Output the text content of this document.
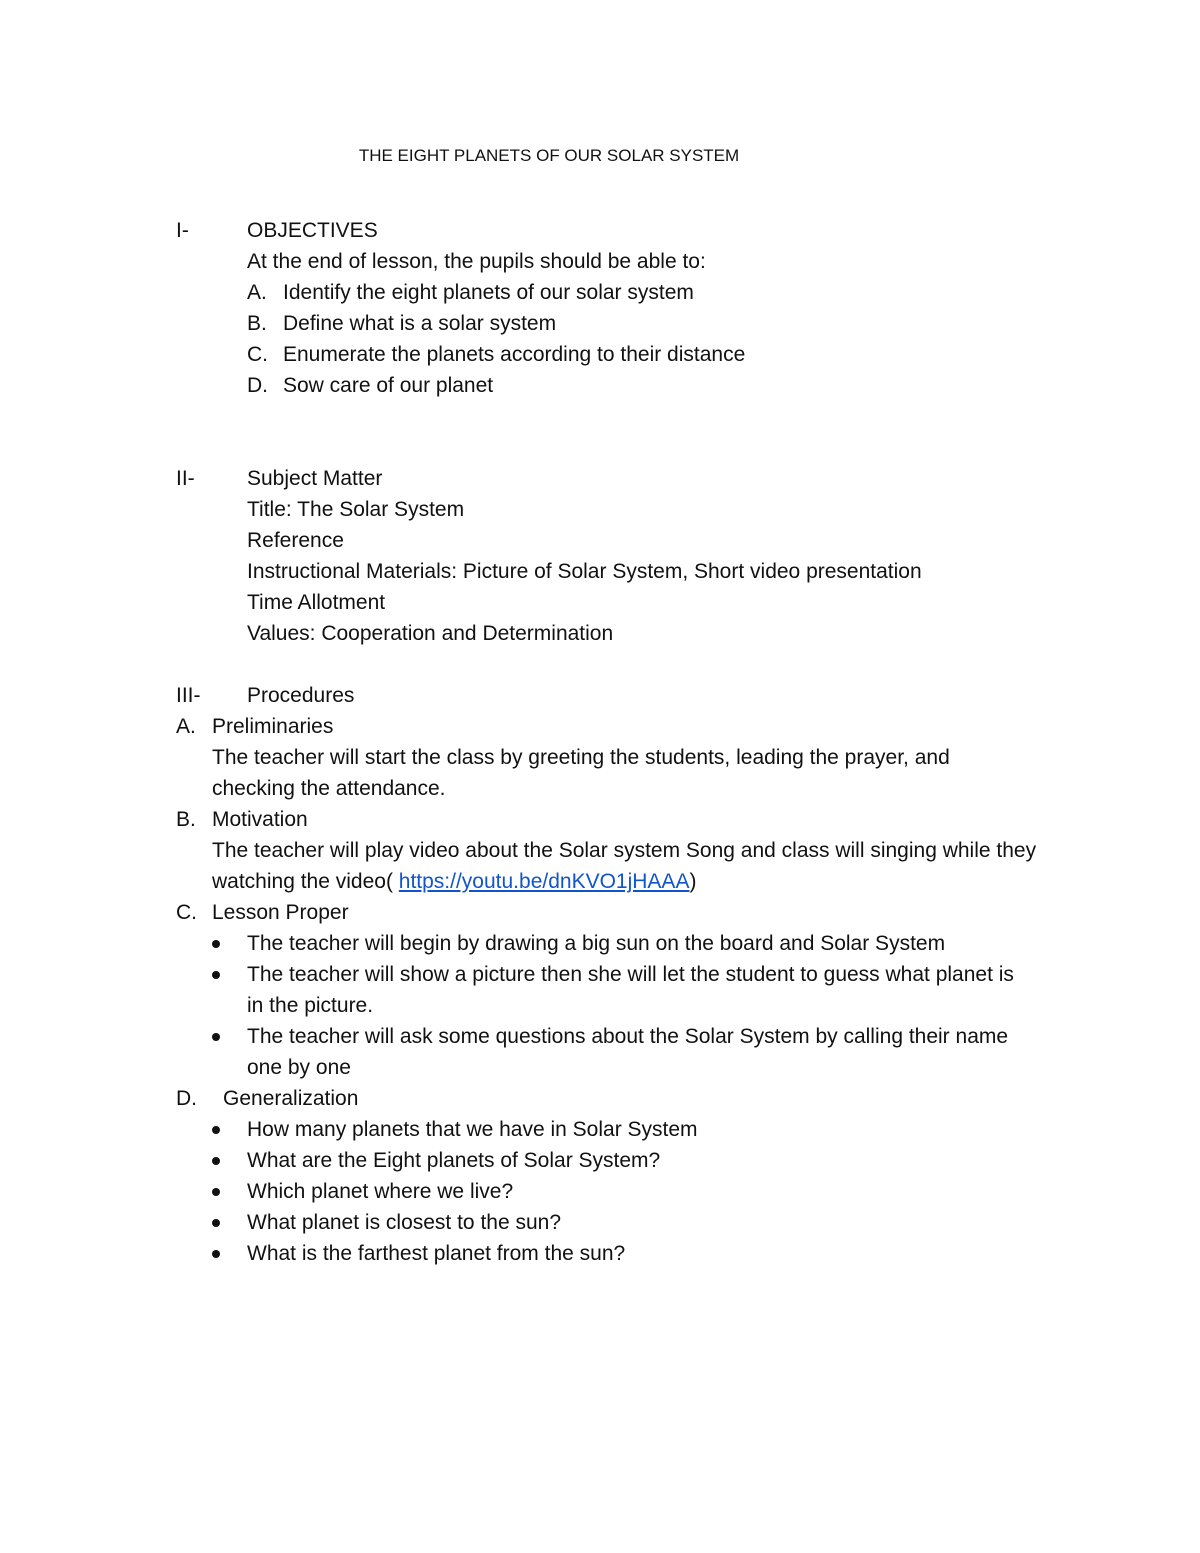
THE EIGHT PLANETS OF OUR SOLAR SYSTEM
I-	OBJECTIVES
At the end of lesson, the pupils should be able to:
A. Identify the eight planets of our solar system
B. Define what is a solar system
C. Enumerate the planets according to their distance
D. Sow care of our planet
II- Subject Matter
Title: The Solar System
Reference
Instructional Materials: Picture of Solar System, Short video presentation
Time Allotment
Values: Cooperation and Determination
III- Procedures
A. Preliminaries
The teacher will start the class by greeting the students, leading the prayer, and
checking the attendance.
B. Motivation
The teacher will play video about the Solar system Song and class will singing while they
watching the video( https://youtu.be/dnKVO1jHAAA)
C. Lesson Proper
The teacher will begin by drawing a big sun on the board and Solar System
The teacher will show a picture then she will let the student to guess what planet is
in the picture.
The teacher will ask some questions about the Solar System by calling their name
one by one
D. Generalization
How many planets that we have in Solar System
What are the Eight planets of Solar System?
Which planet where we live?
What planet is closest to the sun?
What is the farthest planet from the sun?
